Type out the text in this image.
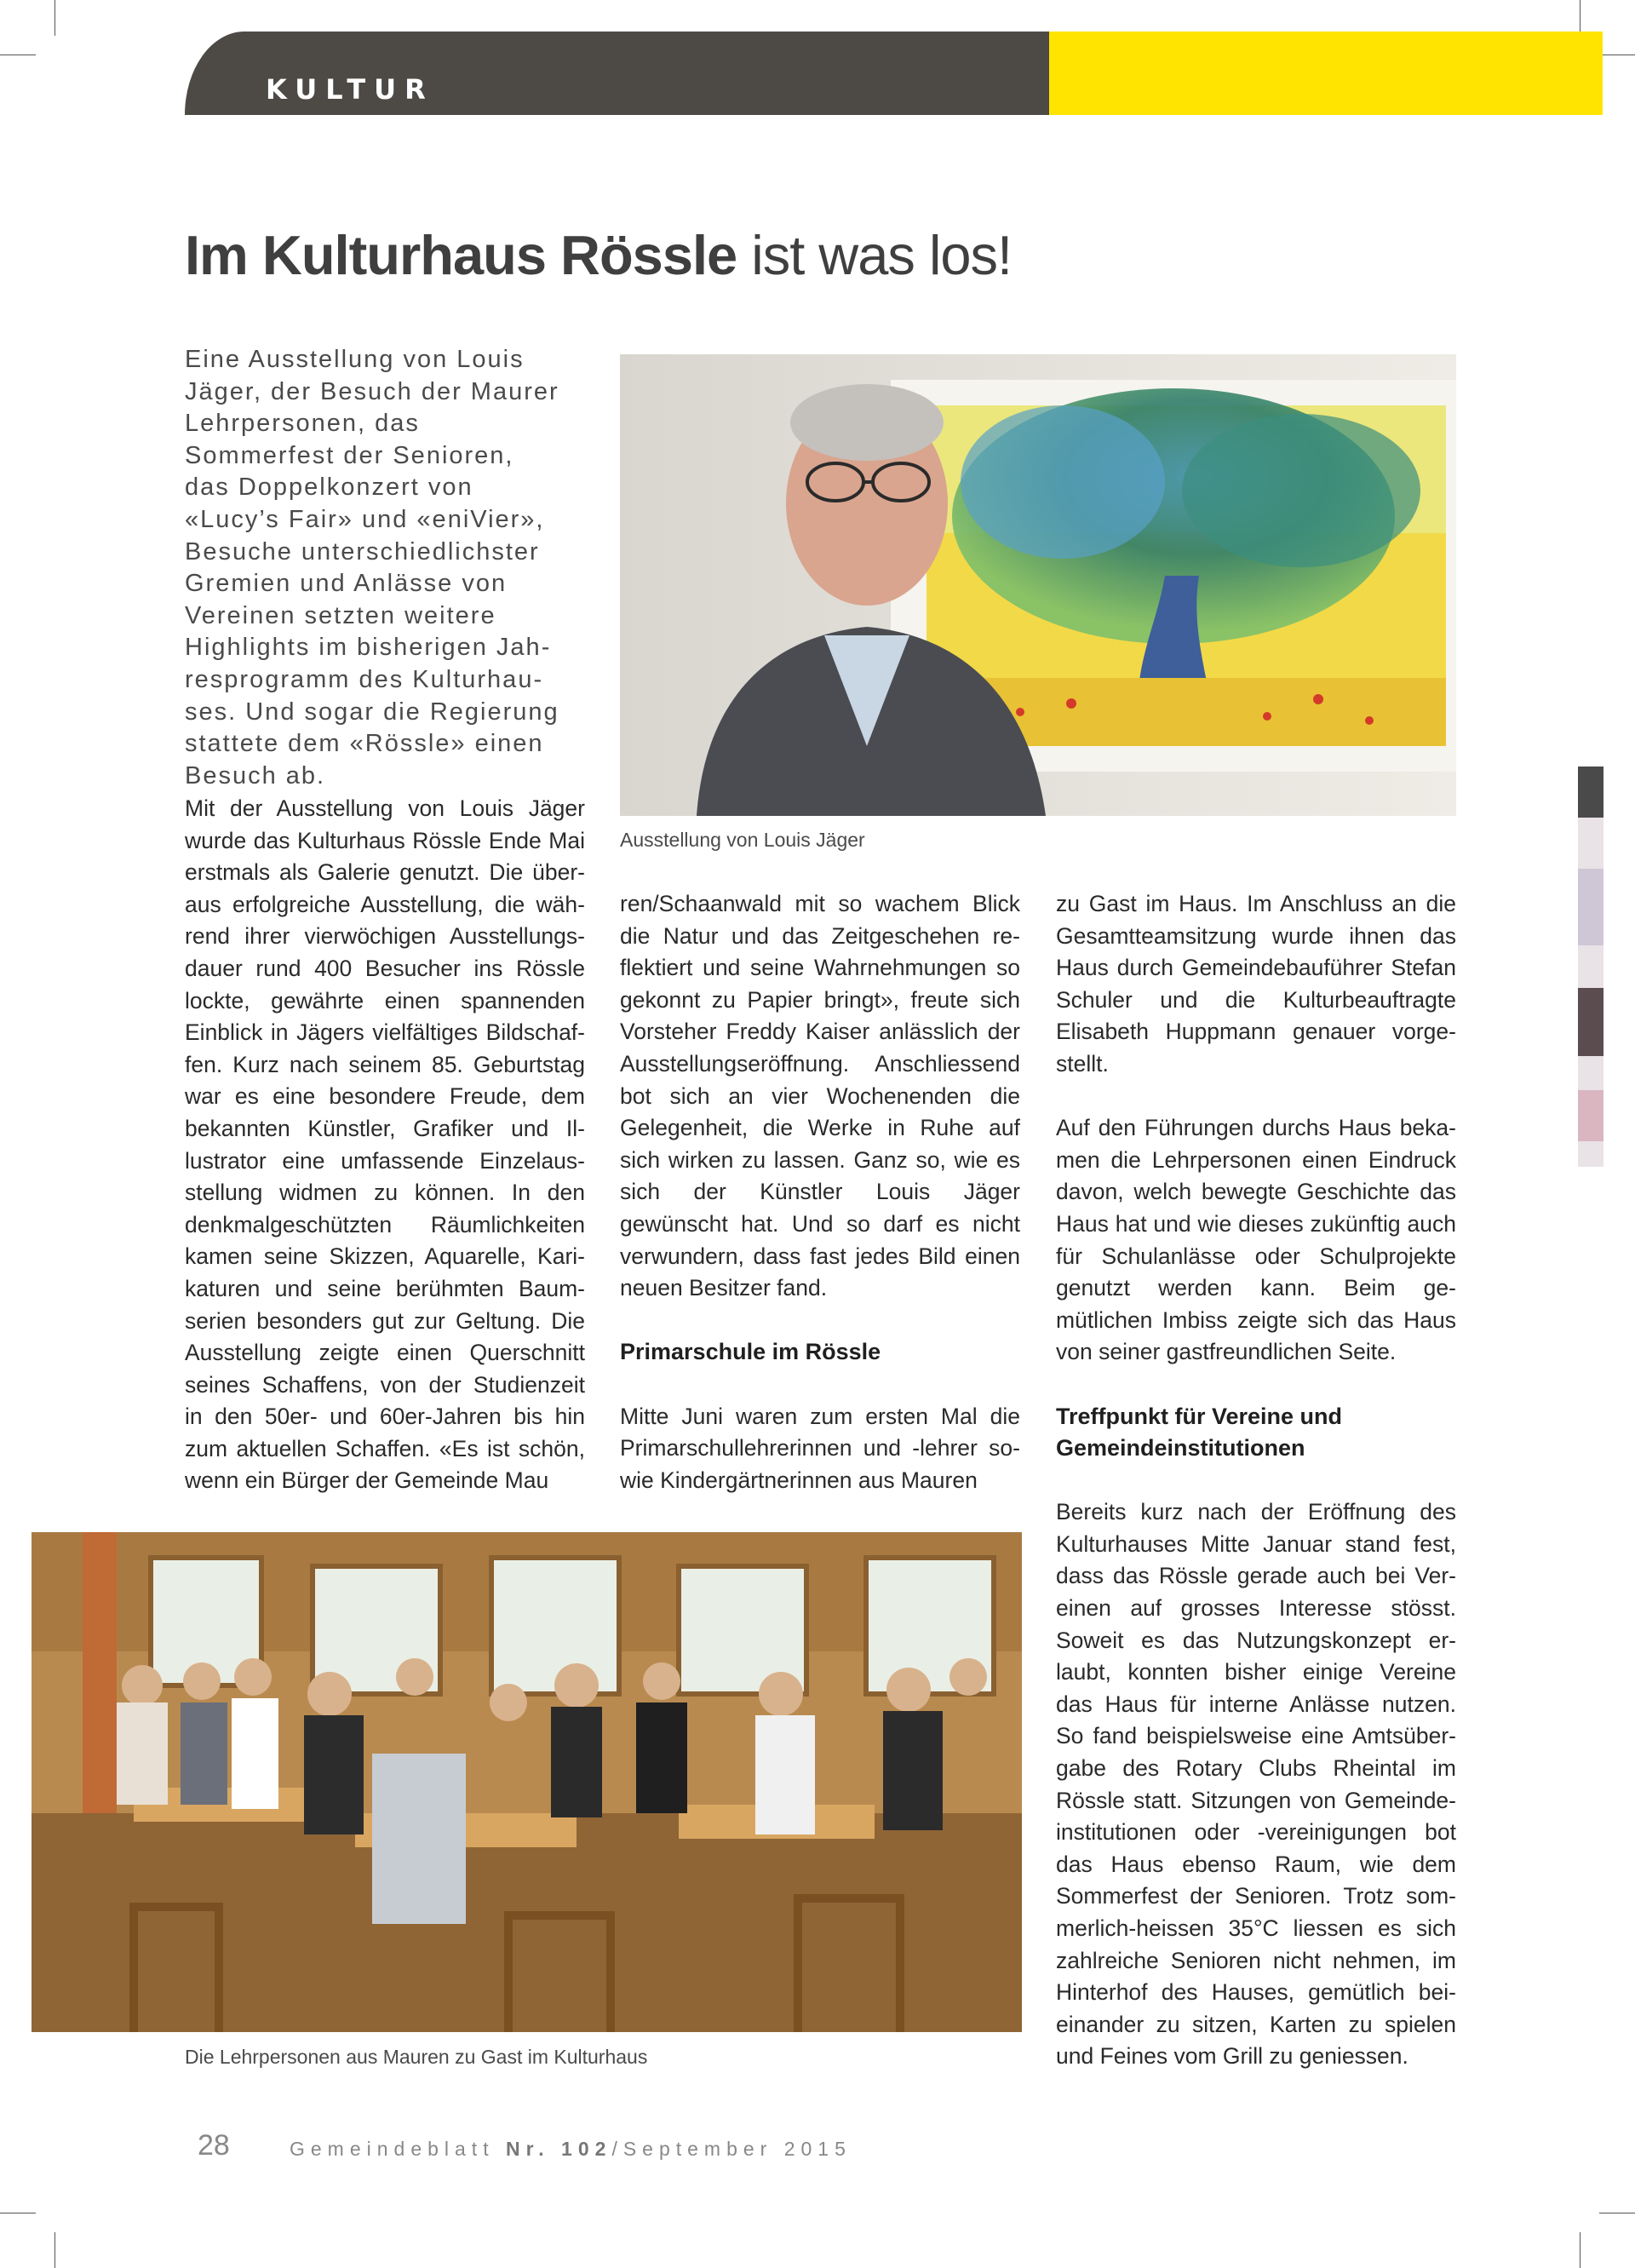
KULTUR
Im Kulturhaus Rössle ist was los!

Eine Ausstellung von Louis Jäger, der Besuch der Maurer Lehrpersonen, das Sommerfest der Senioren, das Doppelkonzert von «Lucy’s Fair» und «eniVier», Besuche unterschiedlichster Gremien und Anlässe von Vereinen setzten weitere Highlights im bisherigen Jahresprogramm des Kulturhauses. Und sogar die Regierung stattete dem «Rössle» einen Besuch ab.

Ausstellung von Louis Jäger

Mit der Ausstellung von Louis Jäger wurde das Kulturhaus Rössle Ende Mai erstmals als Galerie genutzt. Die überaus erfolgreiche Ausstellung, die während ihrer vierwöchigen Ausstellungsdauer rund 400 Besucher ins Rössle lockte, gewährte einen spannenden Einblick in Jägers vielfältiges Bildschaffen. Kurz nach seinem 85. Geburtstag war es eine besondere Freude, dem bekannten Künstler, Grafiker und Illustrator eine umfassende Einzelausstellung widmen zu können. In den denkmalgeschützten Räumlichkeiten kamen seine Skizzen, Aquarelle, Karikaturen und seine berühmten Baumserien besonders gut zur Geltung. Die Ausstellung zeigte einen Querschnitt seines Schaffens, von der Studienzeit in den 50er- und 60er-Jahren bis hin zum aktuellen Schaffen. «Es ist schön, wenn ein Bürger der Gemeinde Mau

ren/Schaanwald mit so wachem Blick die Natur und das Zeitgeschehen reflektiert und seine Wahrnehmungen so gekonnt zu Papier bringt», freute sich Vorsteher Freddy Kaiser anlässlich der Ausstellungseröffnung. Anschliessend bot sich an vier Wochenenden die Gelegenheit, die Werke in Ruhe auf sich wirken zu lassen. Ganz so, wie es sich der Künstler Louis Jäger gewünscht hat. Und so darf es nicht verwundern, dass fast jedes Bild einen neuen Besitzer fand.

Primarschule im Rössle

Mitte Juni waren zum ersten Mal die Primarschullehrerinnen und -lehrer sowie Kindergärtnerinnen aus Mauren

zu Gast im Haus. Im Anschluss an die Gesamtteamsitzung wurde ihnen das Haus durch Gemeindebauführer Stefan Schuler und die Kulturbeauftragte Elisabeth Huppmann genauer vorgestellt.

Auf den Führungen durchs Haus bekamen die Lehrpersonen einen Eindruck davon, welch bewegte Geschichte das Haus hat und wie dieses zukünftig auch für Schulanlässe oder Schulprojekte genutzt werden kann. Beim gemütlichen Imbiss zeigte sich das Haus von seiner gastfreundlichen Seite.

Treffpunkt für Vereine und Gemeindeinstitutionen

Bereits kurz nach der Eröffnung des Kulturhauses Mitte Januar stand fest, dass das Rössle gerade auch bei Vereinen auf grosses Interesse stösst. Soweit es das Nutzungskonzept erlaubt, konnten bisher einige Vereine das Haus für interne Anlässe nutzen. So fand beispielsweise eine Amtsübergabe des Rotary Clubs Rheintal im Rössle statt. Sitzungen von Gemeindeinstitutionen oder -vereinigungen bot das Haus ebenso Raum, wie dem Sommerfest der Senioren. Trotz sommerlich-heissen 35°C liessen es sich zahlreiche Senioren nicht nehmen, im Hinterhof des Hauses, gemütlich beieinander zu sitzen, Karten zu spielen und Feines vom Grill zu geniessen.

Die Lehrpersonen aus Mauren zu Gast im Kulturhaus
28	Gemeindeblatt Nr. 102/September 2015
